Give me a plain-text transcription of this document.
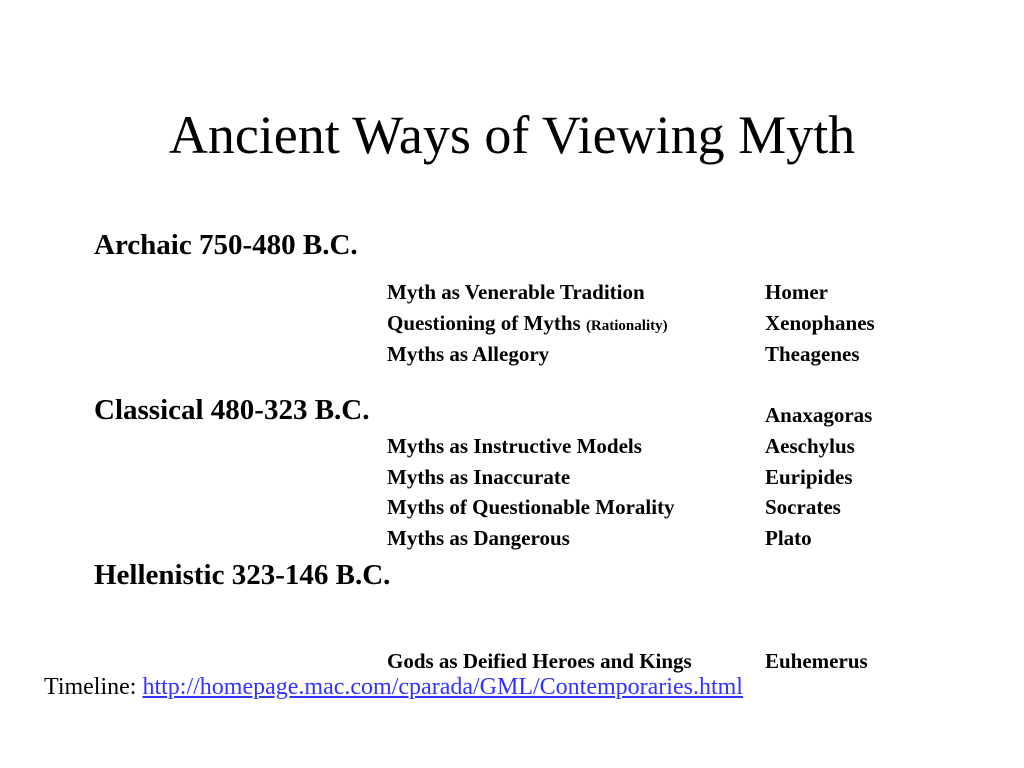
Ancient Ways of Viewing Myth
Archaic 750-480 B.C.
Classical 480-323 B.C.
Hellenistic 323-146 B.C.
Myth as Venerable Tradition	Homer
Questioning of Myths (Rationality)	Xenophanes
Myths as Allegory	Theagenes
Anaxagoras
Myths as Instructive Models	Aeschylus
Myths as Inaccurate	Euripides
Myths of Questionable Morality	Socrates
Myths as Dangerous	Plato
Gods as Deified Heroes and Kings	Euhemerus
Timeline: http://homepage.mac.com/cparada/GML/Contemporaries.html
